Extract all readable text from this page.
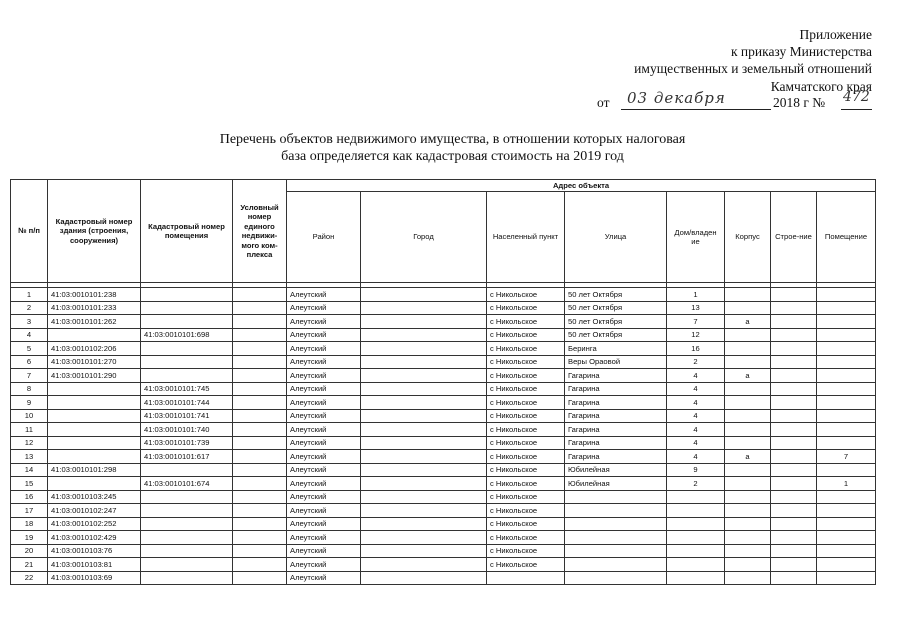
Приложение
к приказу Министерства
имущественных и земельный отношений
Камчатского края
от 03 декабря	2018 г № 472
Перечень объектов недвижимого имущества, в отношении которых налоговая
база определяется как кадастровая стоимость на 2019 год
№ п/п	Кадастровый номер здания (строения, сооружения)	Кадастровый номер помещения	Условный номер единого недвижи-мого ком-плекса	Адрес объекта							
				Район	Город	Населенный пункт	Улица	Дом/владен ие	Корпус	Строе-ние	Помещение

1	41:03:0010101:238			Алеутский		с Никольское	50 лет Октября	1			
2	41:03:0010101:233			Алеутский		с Никольское	50 лет Октября	13			
3	41:03:0010101:262			Алеутский		с Никольское	50 лет Октября	7	а		
4		41:03:0010101:698		Алеутский		с Никольское	50 лет Октября	12			
5	41:03:0010102:206			Алеутский		с Никольское	Беринга	16			
6	41:03:0010101:270			Алеутский		с Никольское	Веры Ораовой	2			
7	41:03:0010101:290			Алеутский		с Никольское	Гагарина	4	а		
8		41:03:0010101:745		Алеутский		с Никольское	Гагарина	4			
9		41:03:0010101:744		Алеутский		с Никольское	Гагарина	4			
10		41:03:0010101:741		Алеутский		с Никольское	Гагарина	4			
11		41:03:0010101:740		Алеутский		с Никольское	Гагарина	4			
12		41:03:0010101:739		Алеутский		с Никольское	Гагарина	4			
13		41:03:0010101:617		Алеутский		с Никольское	Гагарина	4	а		7
14	41:03:0010101:298			Алеутский		с Никольское	Юбилейная	9			
15		41:03:0010101:674		Алеутский		с Никольское	Юбилейная	2			1
16	41:03:0010103:245			Алеутский		с Никольское					
17	41:03:0010102:247			Алеутский		с Никольское					
18	41:03:0010102:252			Алеутский		с Никольское					
19	41:03:0010102:429			Алеутский		с Никольское					
20	41:03:0010103:76			Алеутский		с Никольское					
21	41:03:0010103:81			Алеутский		с Никольское					
22	41:03:0010103:69			Алеутский							
